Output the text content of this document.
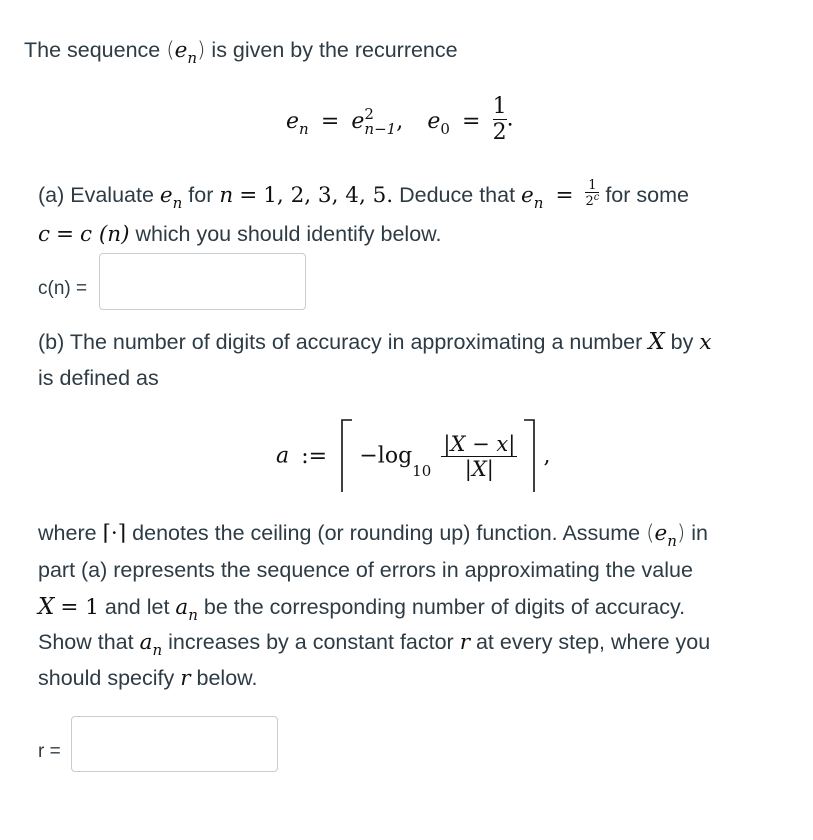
The sequence $(e_n)$ is given by the recurrence
$e_n = e$ 2
n−1 , $e_0 = \frac{1}{2}$ .
(a) Evaluate $e_n$ for n = 1, 2, 3, 4, 5. Deduce that $e_n = \frac{1}{2^c}$ for some
c = c (n) which you should identify below.
c(n) =
(b) The number of digits of accuracy in approximating a number X by x
is defined as
a := $-\log_{10} \frac{|X - x|}{|X|}$ ,
where ⌈·⌉ denotes the ceiling (or rounding up) function. Assume $(e_n)$ in
part (a) represents the sequence of errors in approximating the value
X = 1 and let $a_n$ be the corresponding number of digits of accuracy.
Show that $a_n$ increases by a constant factor r at every step, where you
should specify r below.
r =
